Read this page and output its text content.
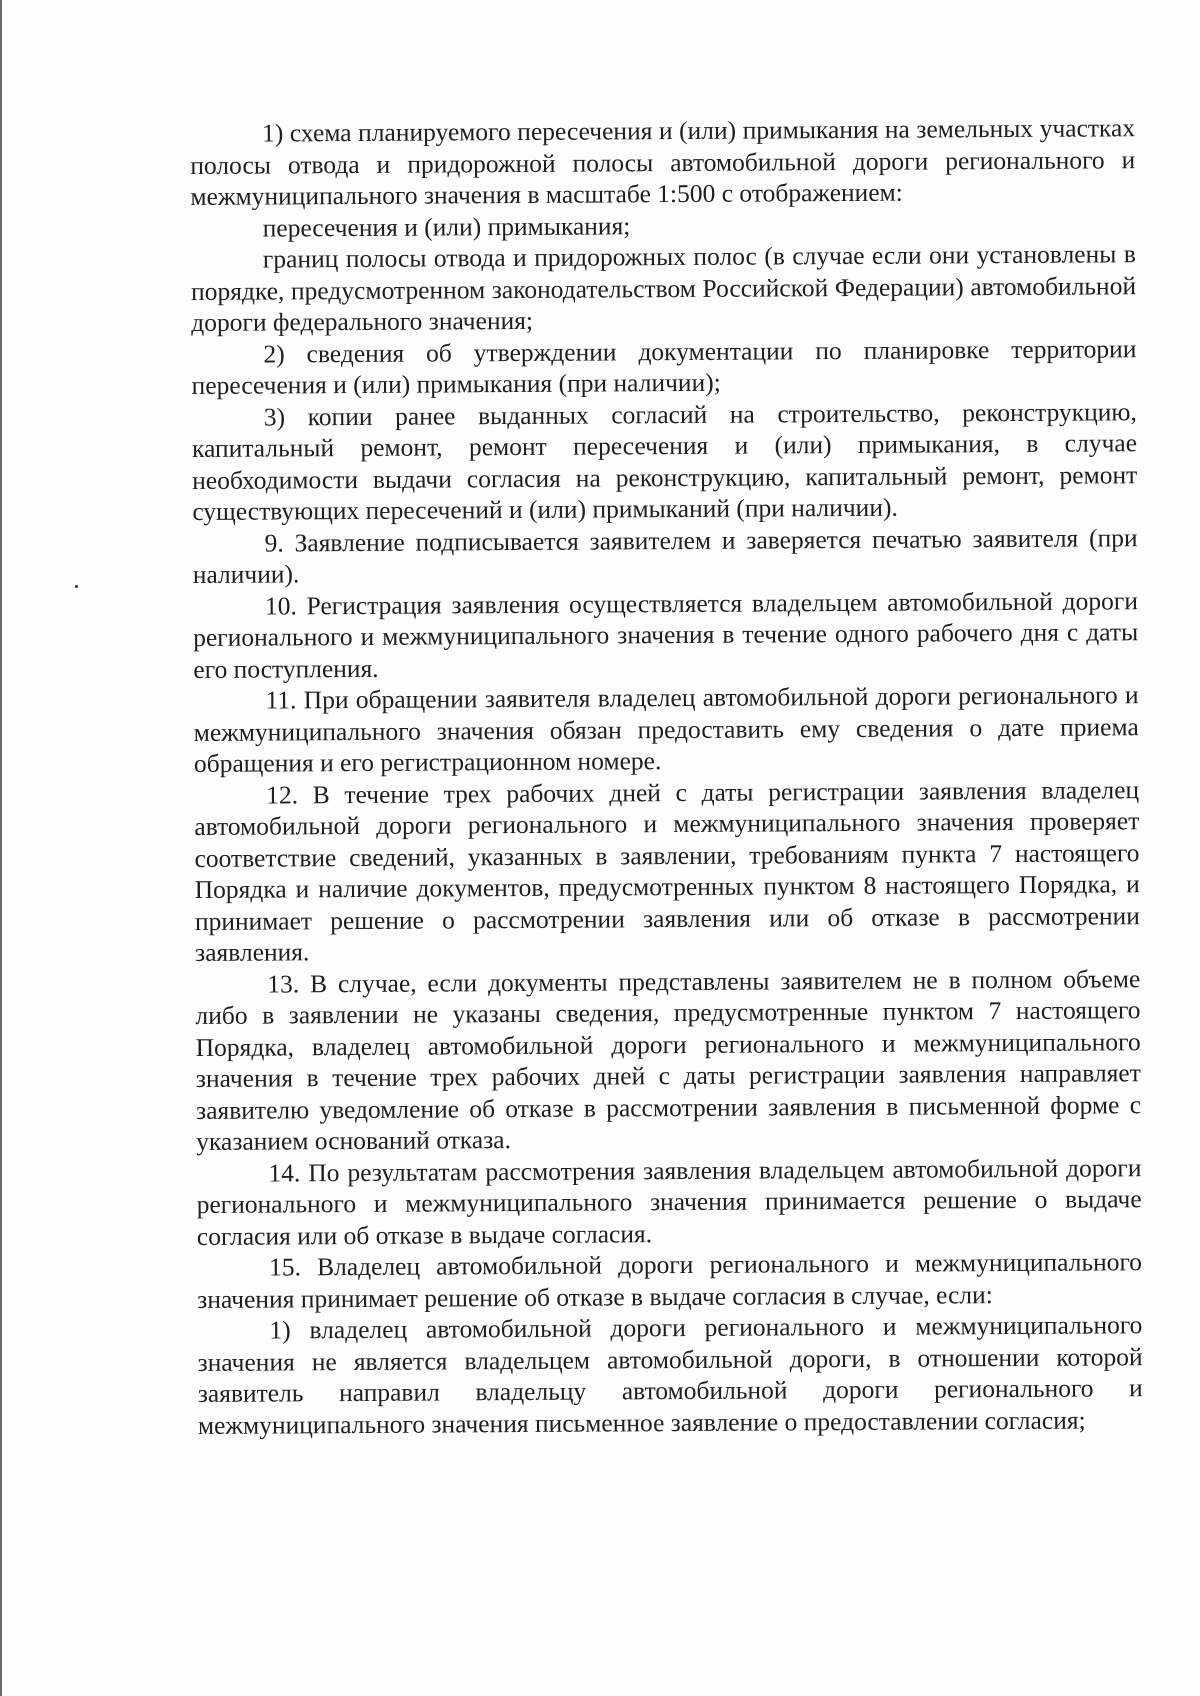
1) схема планируемого пересечения и (или) примыкания на земельных участках полосы отвода и придорожной полосы автомобильной дороги регионального и межмуниципального значения в масштабе 1:500 с отображением:

пересечения и (или) примыкания;

границ полосы отвода и придорожных полос (в случае если они установлены в порядке, предусмотренном законодательством Российской Федерации) автомобильной дороги федерального значения;

2) сведения об утверждении документации по планировке территории пересечения и (или) примыкания (при наличии);

3) копии ранее выданных согласий на строительство, реконструкцию, капитальный ремонт, ремонт пересечения и (или) примыкания, в случае необходимости выдачи согласия на реконструкцию, капитальный ремонт, ремонт существующих пересечений и (или) примыканий (при наличии).

9. Заявление подписывается заявителем и заверяется печатью заявителя (при наличии).

10. Регистрация заявления осуществляется владельцем автомобильной дороги регионального и межмуниципального значения в течение одного рабочего дня с даты его поступления.

11. При обращении заявителя владелец автомобильной дороги регионального и межмуниципального значения обязан предоставить ему сведения о дате приема обращения и его регистрационном номере.

12. В течение трех рабочих дней с даты регистрации заявления владелец автомобильной дороги регионального и межмуниципального значения проверяет соответствие сведений, указанных в заявлении, требованиям пункта 7 настоящего Порядка и наличие документов, предусмотренных пунктом 8 настоящего Порядка, и принимает решение о рассмотрении заявления или об отказе в рассмотрении заявления.

13. В случае, если документы представлены заявителем не в полном объеме либо в заявлении не указаны сведения, предусмотренные пунктом 7 настоящего Порядка, владелец автомобильной дороги регионального и межмуниципального значения в течение трех рабочих дней с даты регистрации заявления направляет заявителю уведомление об отказе в рассмотрении заявления в письменной форме с указанием оснований отказа.

14. По результатам рассмотрения заявления владельцем автомобильной дороги регионального и межмуниципального значения принимается решение о выдаче согласия или об отказе в выдаче согласия.

15. Владелец автомобильной дороги регионального и межмуниципального значения принимает решение об отказе в выдаче согласия в случае, если:

1) владелец автомобильной дороги регионального и межмуниципального значения не является владельцем автомобильной дороги, в отношении которой заявитель направил владельцу автомобильной дороги регионального и межмуниципального значения письменное заявление о предоставлении согласия;
